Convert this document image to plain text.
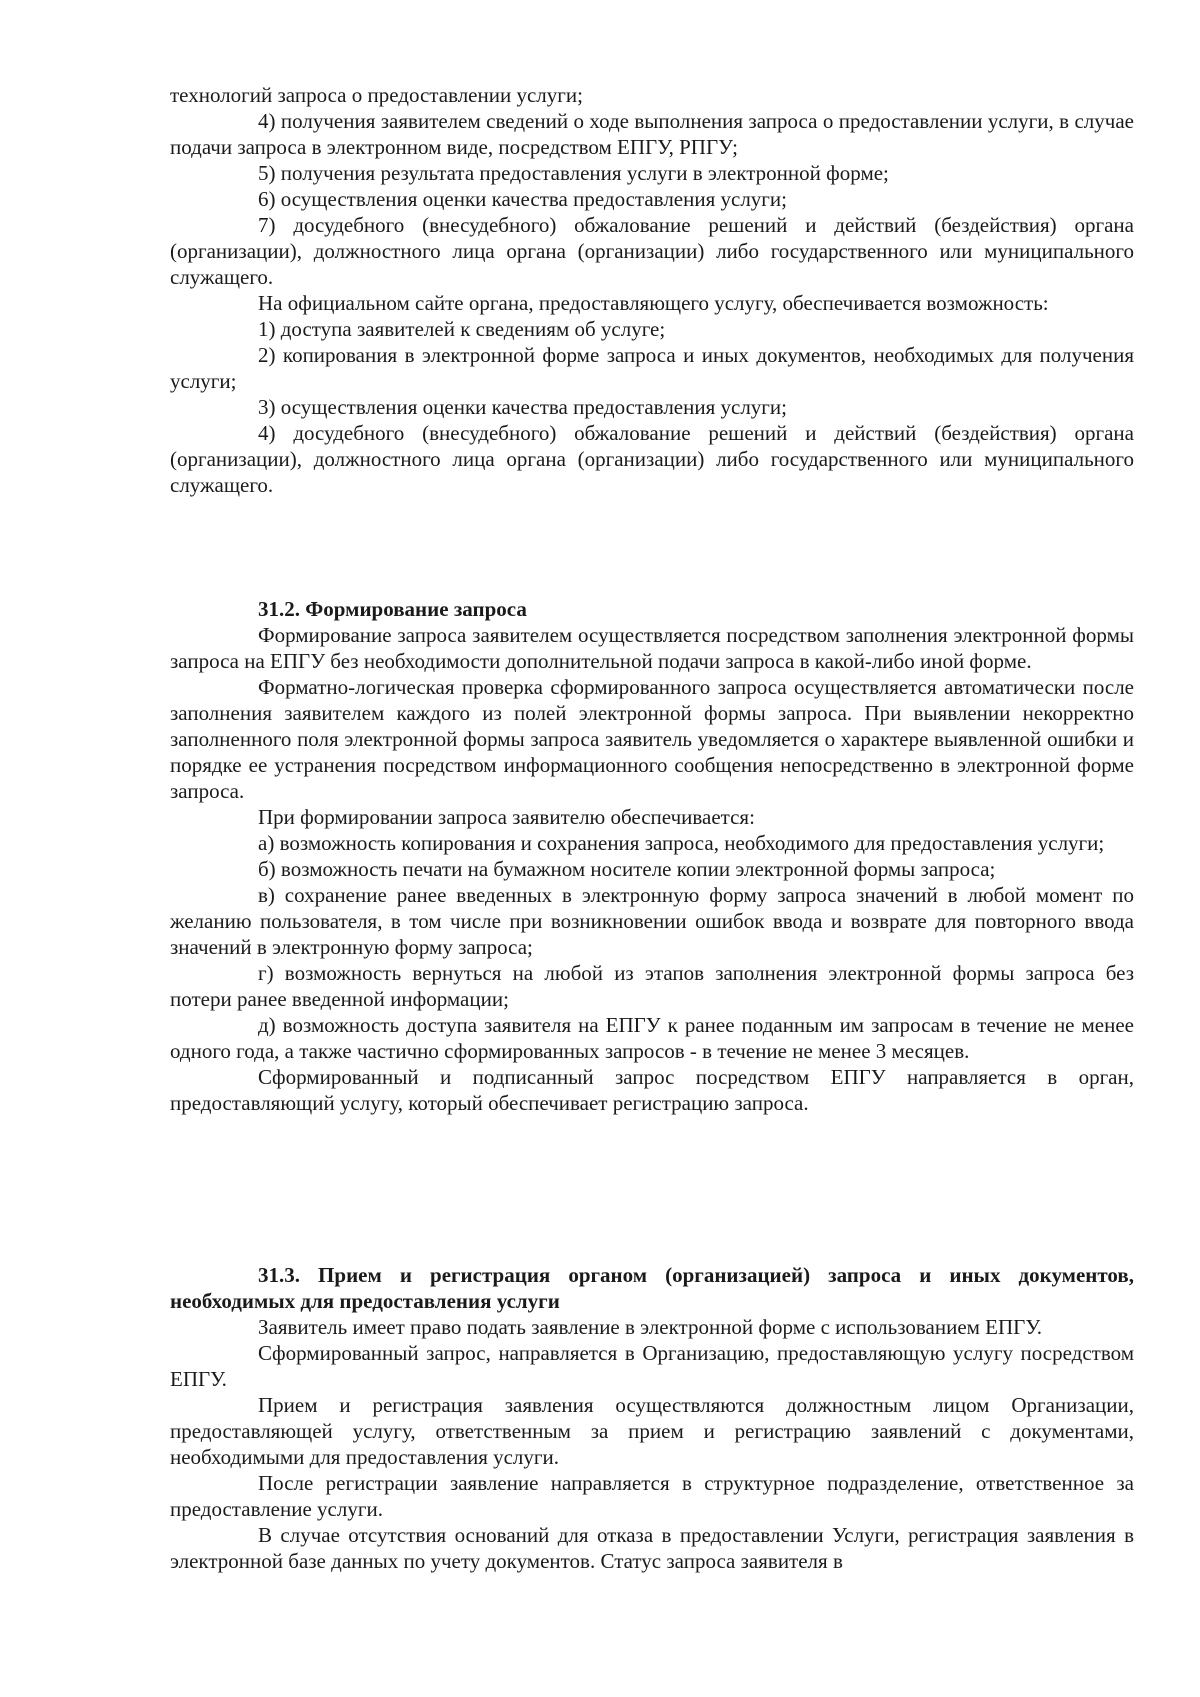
технологий запроса о предоставлении услуги;

4) получения заявителем сведений о ходе выполнения запроса о предоставлении услуги, в случае подачи запроса в электронном виде, посредством ЕПГУ, РПГУ;

5) получения результата предоставления услуги в электронной форме;

6) осуществления оценки качества предоставления услуги;

7) досудебного (внесудебного) обжалование решений и действий (бездействия) органа (организации), должностного лица органа (организации) либо государственного или муниципального служащего.

На официальном сайте органа, предоставляющего услугу, обеспечивается возможность:

1) доступа заявителей к сведениям об услуге;

2) копирования в электронной форме запроса и иных документов, необходимых для получения услуги;

3) осуществления оценки качества предоставления услуги;

4) досудебного (внесудебного) обжалование решений и действий (бездействия) органа (организации), должностного лица органа (организации) либо государственного или муниципального служащего.

31.2. Формирование запроса

Формирование запроса заявителем осуществляется посредством заполнения электронной формы запроса на ЕПГУ без необходимости дополнительной подачи запроса в какой-либо иной форме.

Форматно-логическая проверка сформированного запроса осуществляется автоматически после заполнения заявителем каждого из полей электронной формы запроса. При выявлении некорректно заполненного поля электронной формы запроса заявитель уведомляется о характере выявленной ошибки и порядке ее устранения посредством информационного сообщения непосредственно в электронной форме запроса.

При формировании запроса заявителю обеспечивается:

а) возможность копирования и сохранения запроса, необходимого для предоставления услуги;

б) возможность печати на бумажном носителе копии электронной формы запроса;

в) сохранение ранее введенных в электронную форму запроса значений в любой момент по желанию пользователя, в том числе при возникновении ошибок ввода и возврате для повторного ввода значений в электронную форму запроса;

г) возможность вернуться на любой из этапов заполнения электронной формы запроса без потери ранее введенной информации;

д) возможность доступа заявителя на ЕПГУ к ранее поданным им запросам в течение не менее одного года, а также частично сформированных запросов - в течение не менее 3 месяцев.

Сформированный и подписанный запрос посредством ЕПГУ направляется в орган, предоставляющий услугу, который обеспечивает регистрацию запроса.

31.3. Прием и регистрация органом (организацией) запроса и иных документов, необходимых для предоставления услуги

Заявитель имеет право подать заявление в электронной форме с использованием ЕПГУ.

Сформированный запрос, направляется в Организацию, предоставляющую услугу посредством ЕПГУ.

Прием и регистрация заявления осуществляются должностным лицом Организации, предоставляющей услугу, ответственным за прием и регистрацию заявлений с документами, необходимыми для предоставления услуги.

После регистрации заявление направляется в структурное подразделение, ответственное за предоставление услуги.

В случае отсутствия оснований для отказа в предоставлении Услуги, регистрация заявления в электронной базе данных по учету документов. Статус запроса заявителя в
